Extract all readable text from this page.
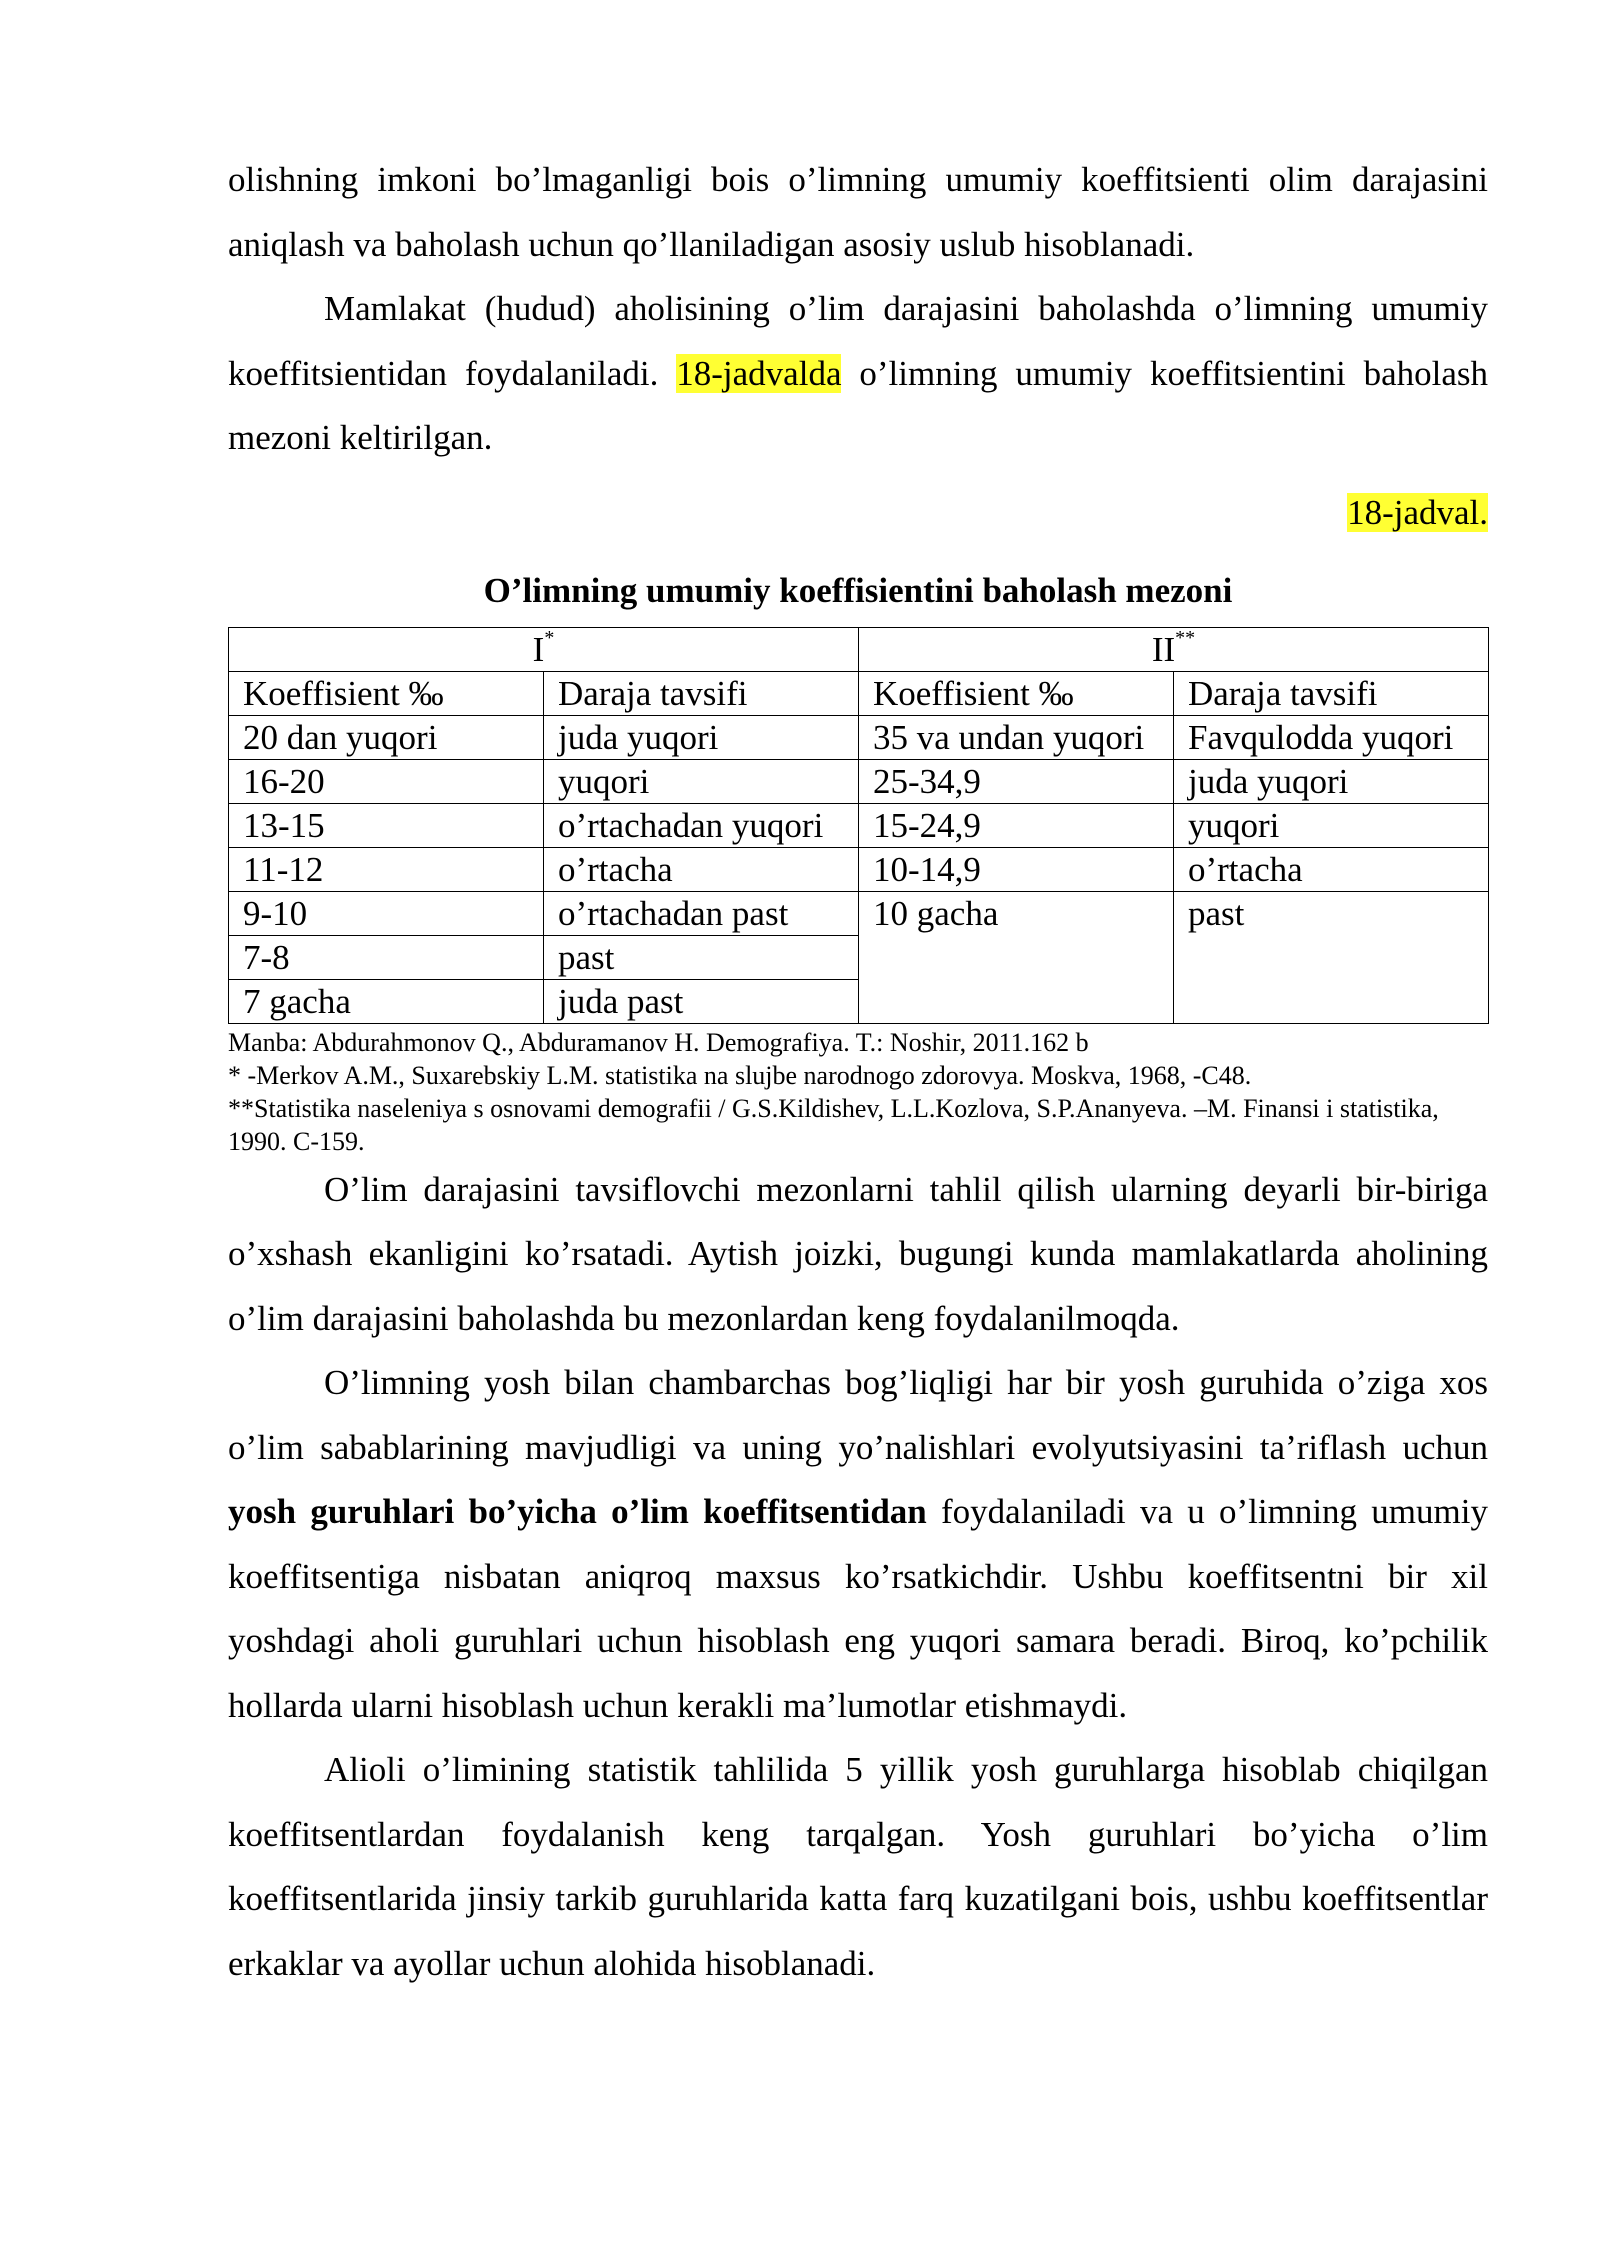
olishning imkoni bo’lmaganligi bois o’limning umumiy koeffitsienti olim darajasini aniqlash va baholash uchun qo’llaniladigan asosiy uslub hisoblanadi.

Mamlakat (hudud) aholisining o’lim darajasini baholashda o’limning umumiy koeffitsientidan foydalaniladi. 18-jadvalda o’limning umumiy koeffitsientini baholash mezoni keltirilgan.

18-jadval.
O’limning umumiy koeffisientini baholash mezoni
I*		II**
Koeffisient ‰	Daraja tavsifi	Koeffisient ‰	Daraja tavsifi
20 dan yuqori	juda yuqori	35 va undan yuqori	Favqulodda yuqori
16-20	yuqori	25-34,9	juda yuqori
13-15	o’rtachadan yuqori	15-24,9	yuqori
11-12	o’rtacha	10-14,9	o’rtacha
9-10	o’rtachadan past	10 gacha	past
7-8	past		
7 gacha	juda past		
Manba: Abdurahmonov Q., Abduramanov H. Demografiya. T.: Noshir, 2011.162 b
* -Merkov A.M., Suxarebskiy L.M. statistika na slujbe narodnogo zdorovya. Moskva, 1968, -C48.
**Statistika naseleniya s osnovami demografii / G.S.Kildishev, L.L.Kozlova, S.P.Ananyeva. –M. Finansi i statistika, 1990. C-159.

O’lim darajasini tavsiflovchi mezonlarni tahlil qilish ularning deyarli bir-biriga o’xshash ekanligini ko’rsatadi. Aytish joizki, bugungi kunda mamlakatlarda aholining o’lim darajasini baholashda bu mezonlardan keng foydalanilmoqda.

O’limning yosh bilan chambarchas bog’liqligi har bir yosh guruhida o’ziga xos o’lim sabablarining mavjudligi va uning yo’nalishlari evolyutsiyasini ta’riflash uchun yosh guruhlari bo’yicha o’lim koeffitsentidan foydalaniladi va u o’limning umumiy koeffitsentiga nisbatan aniqroq maxsus ko’rsatkichdir. Ushbu koeffitsentni bir xil yoshdagi aholi guruhlari uchun hisoblash eng yuqori samara beradi. Biroq, ko’pchilik hollarda ularni hisoblash uchun kerakli ma’lumotlar etishmaydi.

Alioli o’limining statistik tahlilida 5 yillik yosh guruhlarga hisoblab chiqilgan koeffitsentlardan foydalanish keng tarqalgan. Yosh guruhlari bo’yicha o’lim koeffitsentlarida jinsiy tarkib guruhlarida katta farq kuzatilgani bois, ushbu koeffitsentlar erkaklar va ayollar uchun alohida hisoblanadi.
